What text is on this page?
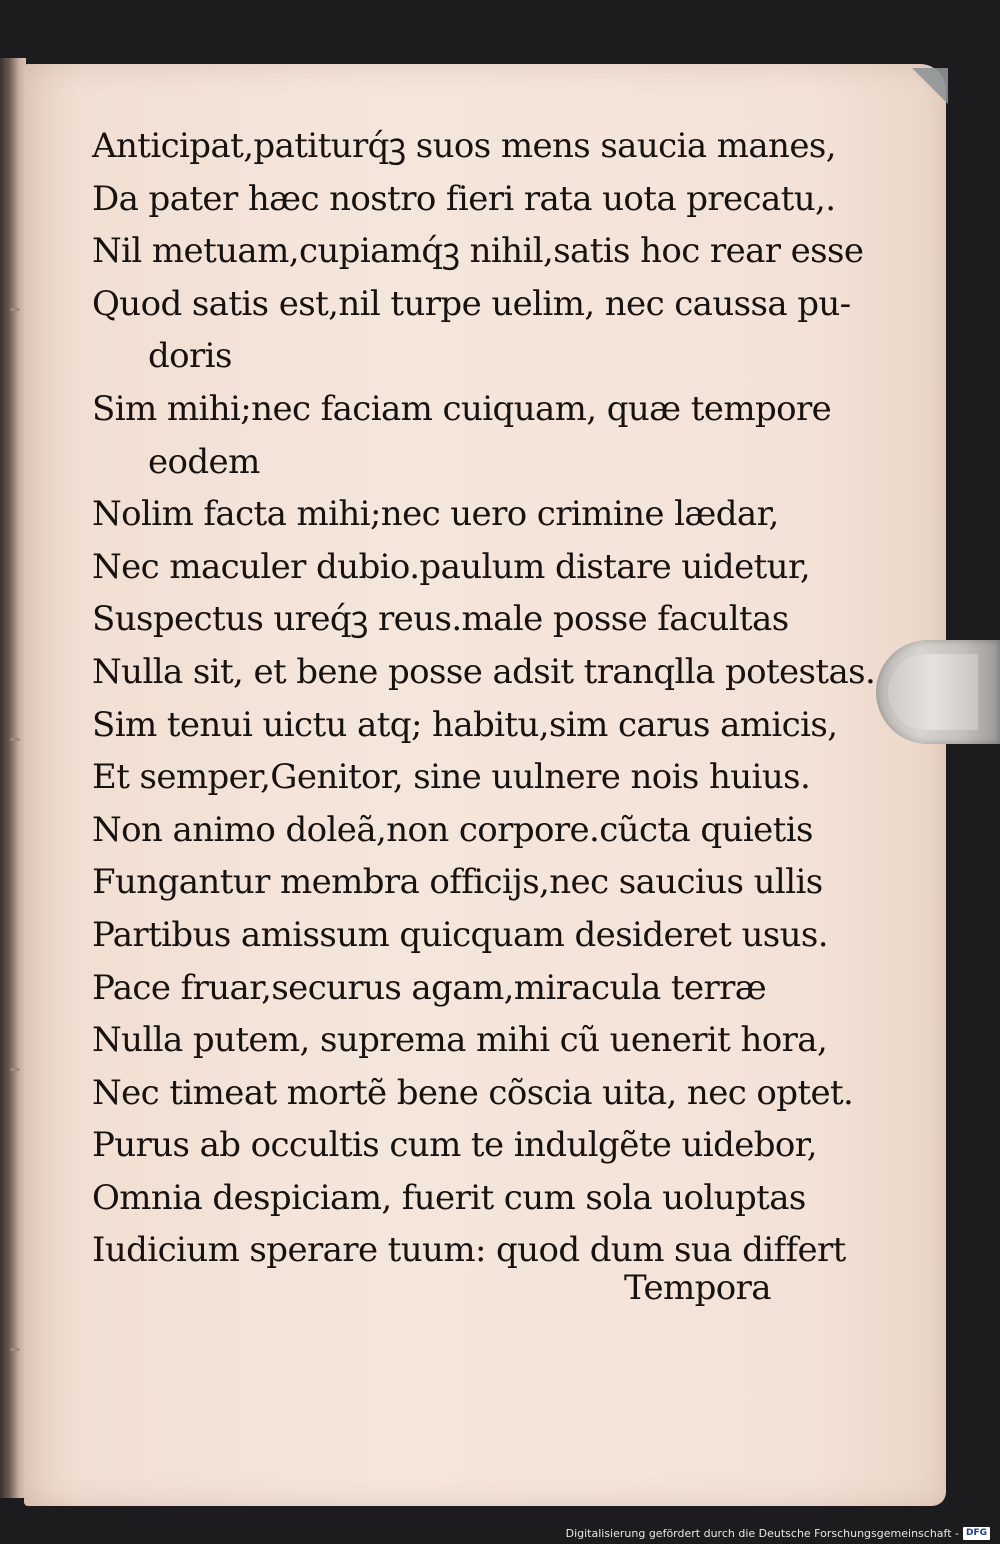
Anticipat,patiturq́ꝫ suos mens saucia manes,
Da pater hæc nostro fieri rata uota precatu,.
Nil metuam,cupiamq́ꝫ nihil,satis hoc rear esse
Quod satis est,nil turpe uelim, nec caussa pu-
doris
Sim mihi;nec faciam cuiquam, quæ tempore
eodem
Nolim facta mihi;nec uero crimine lædar,
Nec maculer dubio.paulum distare uidetur,
Suspectus ureq́ꝫ reus.male posse facultas
Nulla sit, et bene posse adsit tranqlla potestas.
Sim tenui uictu atq; habitu,sim carus amicis,
Et semper,Genitor, sine uulnere nois huius.
Non animo doleã,non corpore.cũcta quietis
Fungantur membra officijs,nec saucius ullis
Partibus amissum quicquam desideret usus.
Pace fruar,securus agam,miracula terræ
Nulla putem, suprema mihi cũ uenerit hora,
Nec timeat mortẽ bene cõscia uita, nec optet.
Purus ab occultis cum te indulgẽte uidebor,
Omnia despiciam, fuerit cum sola uoluptas
Iudicium sperare tuum: quod dum sua differt
Tempora
Digitalisierung gefördert durch die Deutsche Forschungsgemeinschaft - DFG
